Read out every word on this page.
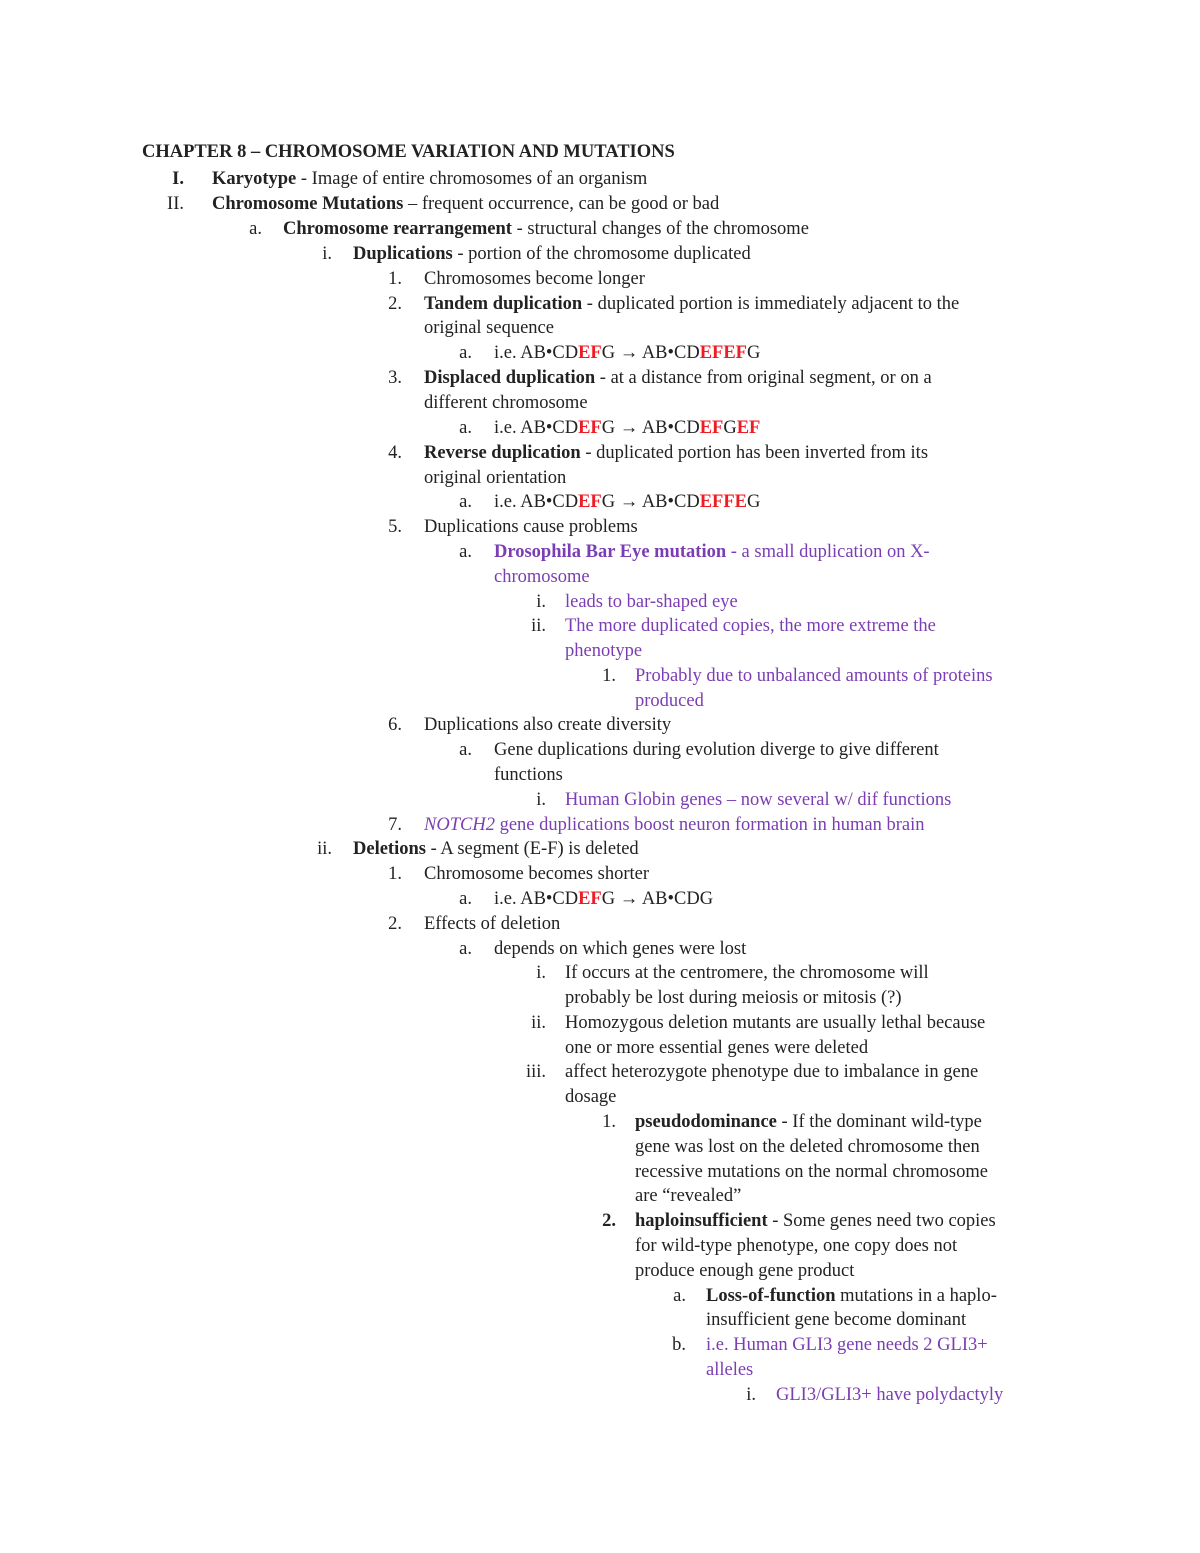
CHAPTER 8 – CHROMOSOME VARIATION AND MUTATIONS
I. Karyotype - Image of entire chromosomes of an organism
II. Chromosome Mutations – frequent occurrence, can be good or bad
a. Chromosome rearrangement - structural changes of the chromosome
i. Duplications - portion of the chromosome duplicated
1. Chromosomes become longer
2. Tandem duplication - duplicated portion is immediately adjacent to the
original sequence
a. i.e. AB•CDEFG → AB•CDEFEFG
3. Displaced duplication - at a distance from original segment, or on a
different chromosome
a. i.e. AB•CDEFG → AB•CDEFGEF
4. Reverse duplication - duplicated portion has been inverted from its
original orientation
a. i.e. AB•CDEFG → AB•CDEFFEG
5. Duplications cause problems
a. Drosophila Bar Eye mutation - a small duplication on X-
chromosome
i. leads to bar-shaped eye
ii. The more duplicated copies, the more extreme the
phenotype
1. Probably due to unbalanced amounts of proteins
produced
6. Duplications also create diversity
a. Gene duplications during evolution diverge to give different
functions
i. Human Globin genes – now several w/ dif functions
7. NOTCH2 gene duplications boost neuron formation in human brain
ii. Deletions - A segment (E-F) is deleted
1. Chromosome becomes shorter
a. i.e. AB•CDEFG → AB•CDG
2. Effects of deletion
a. depends on which genes were lost
i. If occurs at the centromere, the chromosome will
probably be lost during meiosis or mitosis (?)
ii. Homozygous deletion mutants are usually lethal because
one or more essential genes were deleted
iii. affect heterozygote phenotype due to imbalance in gene
dosage
1. pseudodominance - If the dominant wild-type
gene was lost on the deleted chromosome then
recessive mutations on the normal chromosome
are “revealed”
2. haploinsufficient - Some genes need two copies
for wild-type phenotype, one copy does not
produce enough gene product
a. Loss-of-function mutations in a haplo-
insufficient gene become dominant
b. i.e. Human GLI3 gene needs 2 GLI3+
alleles
i. GLI3/GLI3+ have polydactyly
